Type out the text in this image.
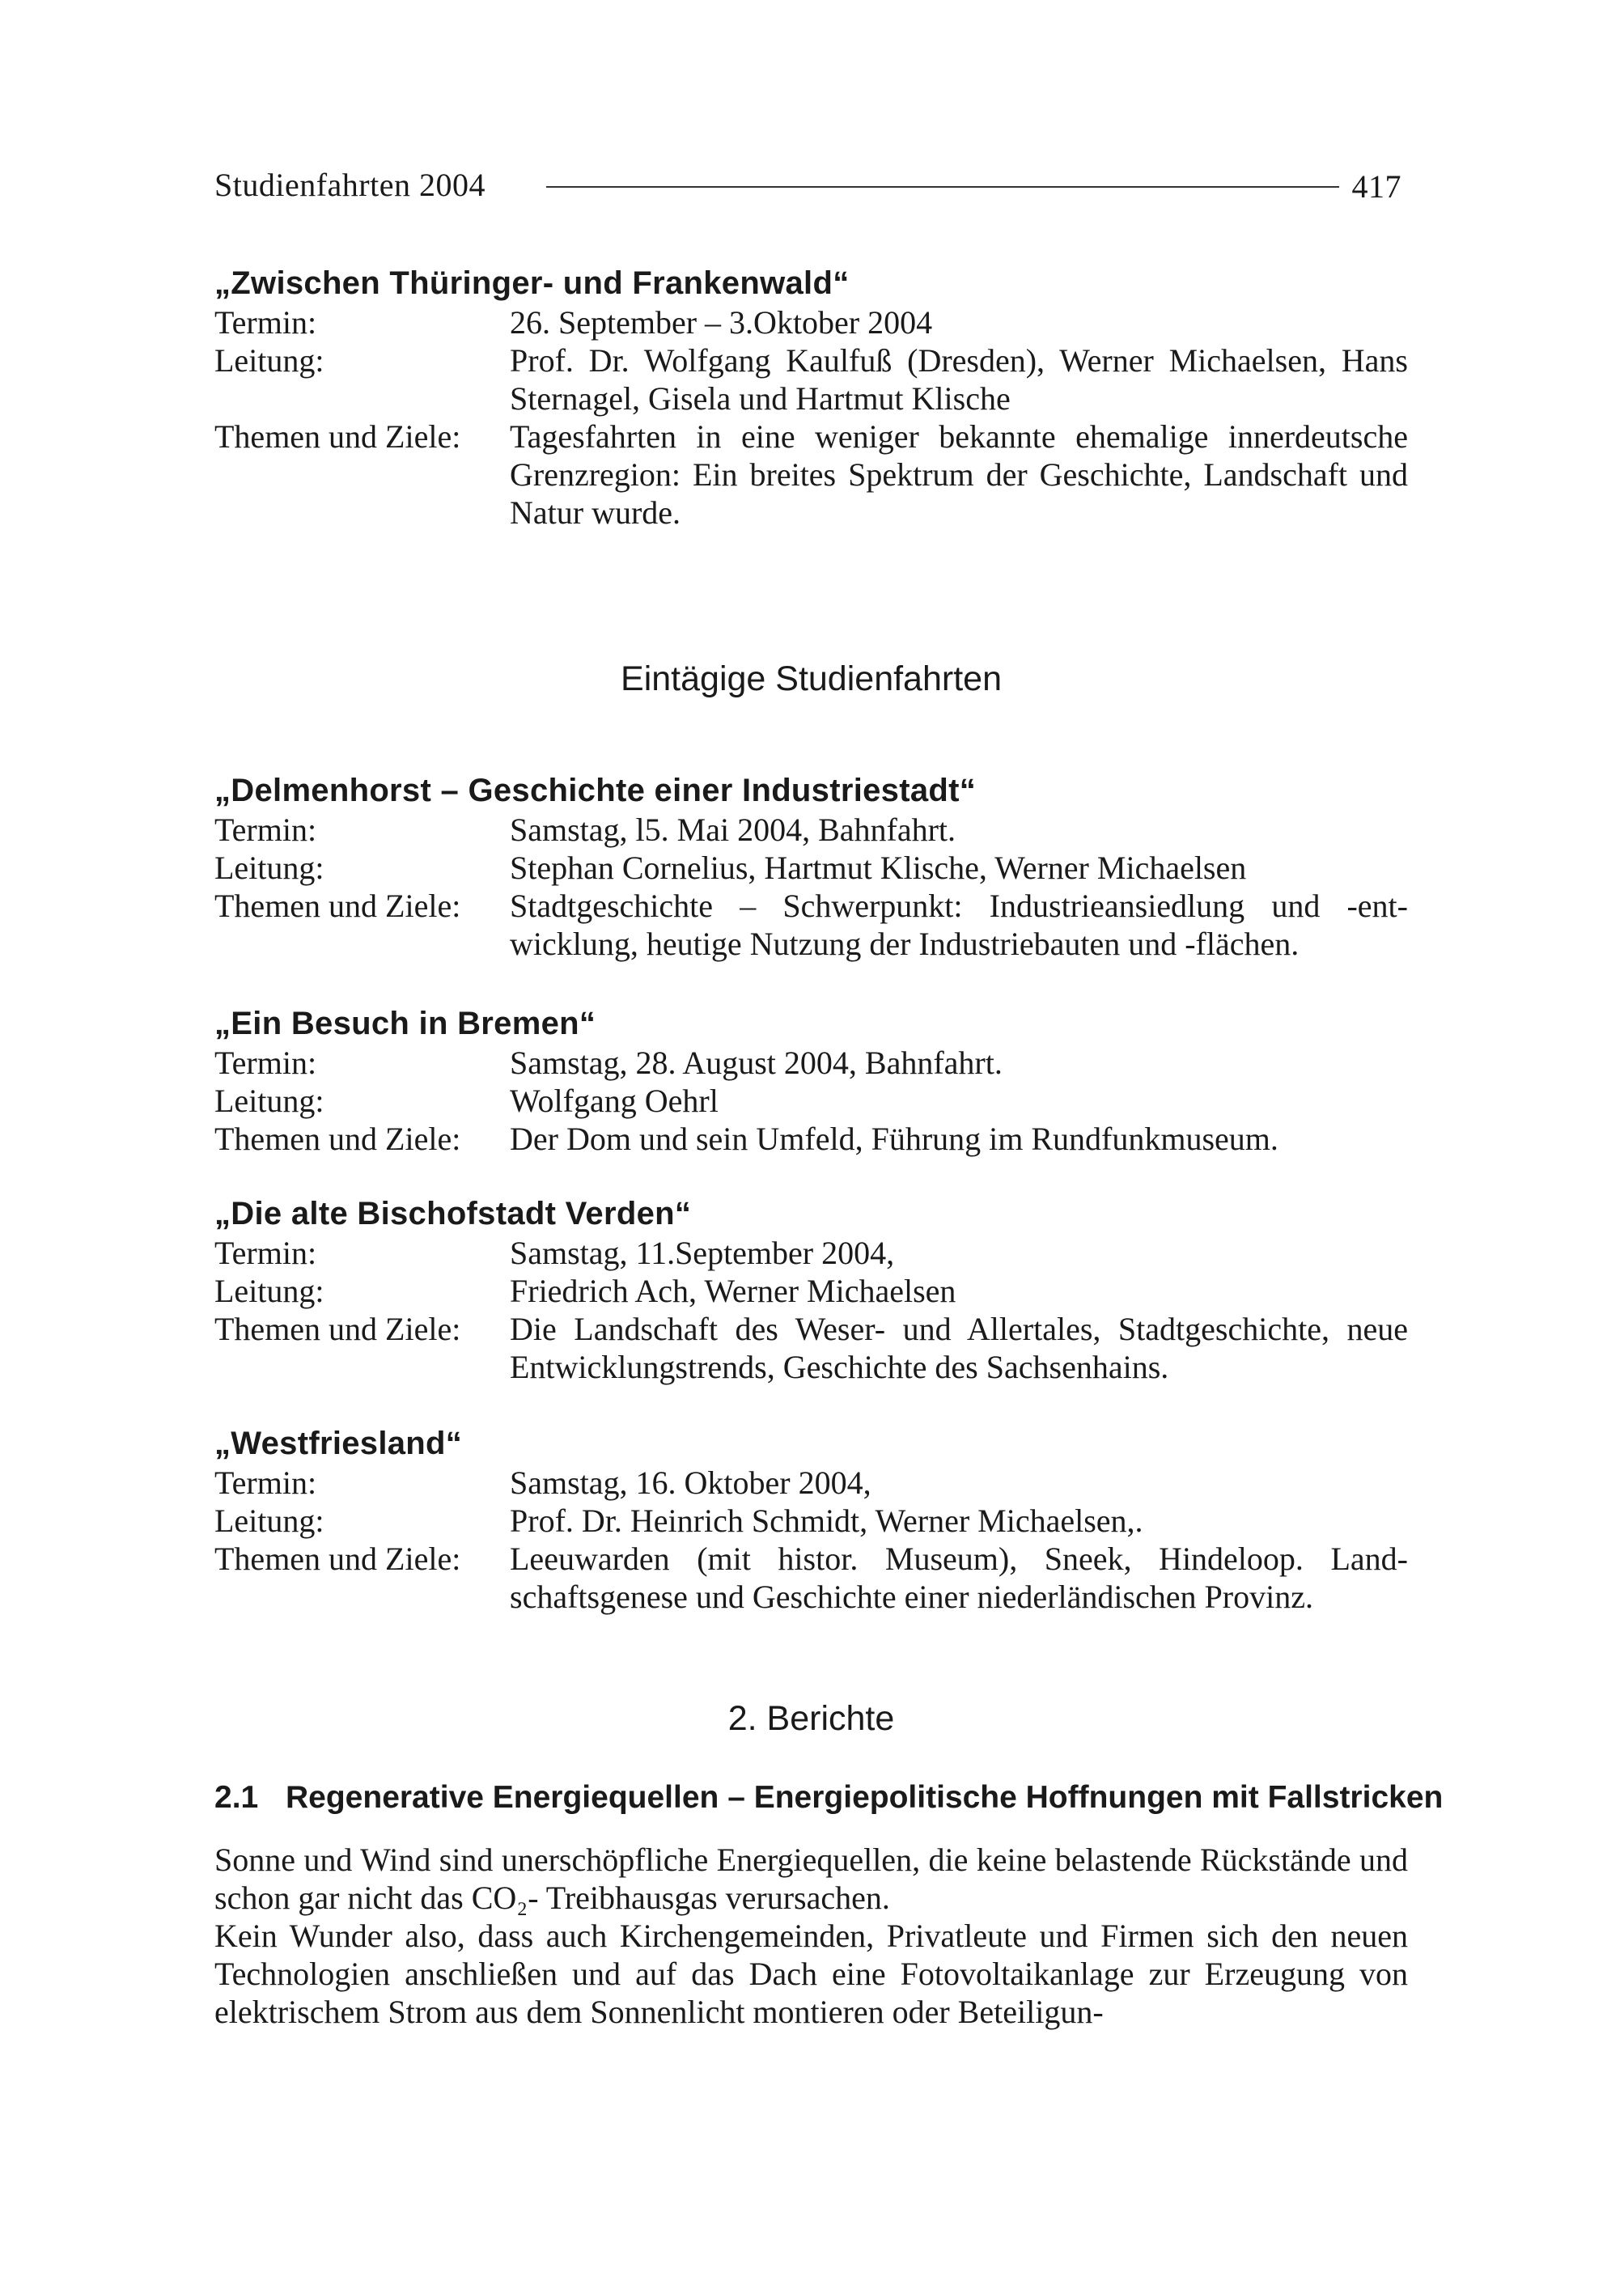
Studienfahrten 2004	417
„Zwischen Thüringer- und Frankenwald“
Termin:	26. September – 3.Oktober 2004
Leitung:	Prof. Dr. Wolfgang Kaulfuß (Dresden), Werner Michaelsen, Hans Sternagel, Gisela und Hartmut Klische
Themen und Ziele:	Tagesfahrten in eine weniger bekannte ehemalige innerdeutsche Grenzregion: Ein breites Spektrum der Geschichte, Landschaft und Natur wurde.
Eintägige Studienfahrten
„Delmenhorst – Geschichte einer Industriestadt“
Termin:	Samstag, l5. Mai 2004, Bahnfahrt.
Leitung:	Stephan Cornelius, Hartmut Klische, Werner Michaelsen
Themen und Ziele:	Stadtgeschichte – Schwerpunkt: Industrieansiedlung und -entwicklung, heutige Nutzung der Industriebauten und -flächen.
„Ein Besuch in Bremen“
Termin:	Samstag, 28. August 2004, Bahnfahrt.
Leitung:	Wolfgang Oehrl
Themen und Ziele:	Der Dom und sein Umfeld, Führung im Rundfunkmuseum.
„Die alte Bischofstadt Verden“
Termin:	Samstag, 11.September 2004,
Leitung:	Friedrich Ach, Werner Michaelsen
Themen und Ziele:	Die Landschaft des Weser- und Allertales, Stadtgeschichte, neue Entwicklungstrends, Geschichte des Sachsenhains.
„Westfriesland“
Termin:	Samstag, 16. Oktober 2004,
Leitung:	Prof. Dr. Heinrich Schmidt, Werner Michaelsen,.
Themen und Ziele:	Leeuwarden (mit histor. Museum), Sneek, Hindeloop. Landschaftsgenese und Geschichte einer niederländischen Provinz.
2. Berichte
2.1 Regenerative Energiequellen – Energiepolitische Hoffnungen mit Fallstricken

Sonne und Wind sind unerschöpfliche Energiequellen, die keine belastende Rückstände und schon gar nicht das CO₂- Treibhausgas verursachen.

Kein Wunder also, dass auch Kirchengemeinden, Privatleute und Firmen sich den neuen Technologien anschließen und auf das Dach eine Fotovoltaikanlage zur Erzeugung von elektrischem Strom aus dem Sonnenlicht montieren oder Beteiligun-
